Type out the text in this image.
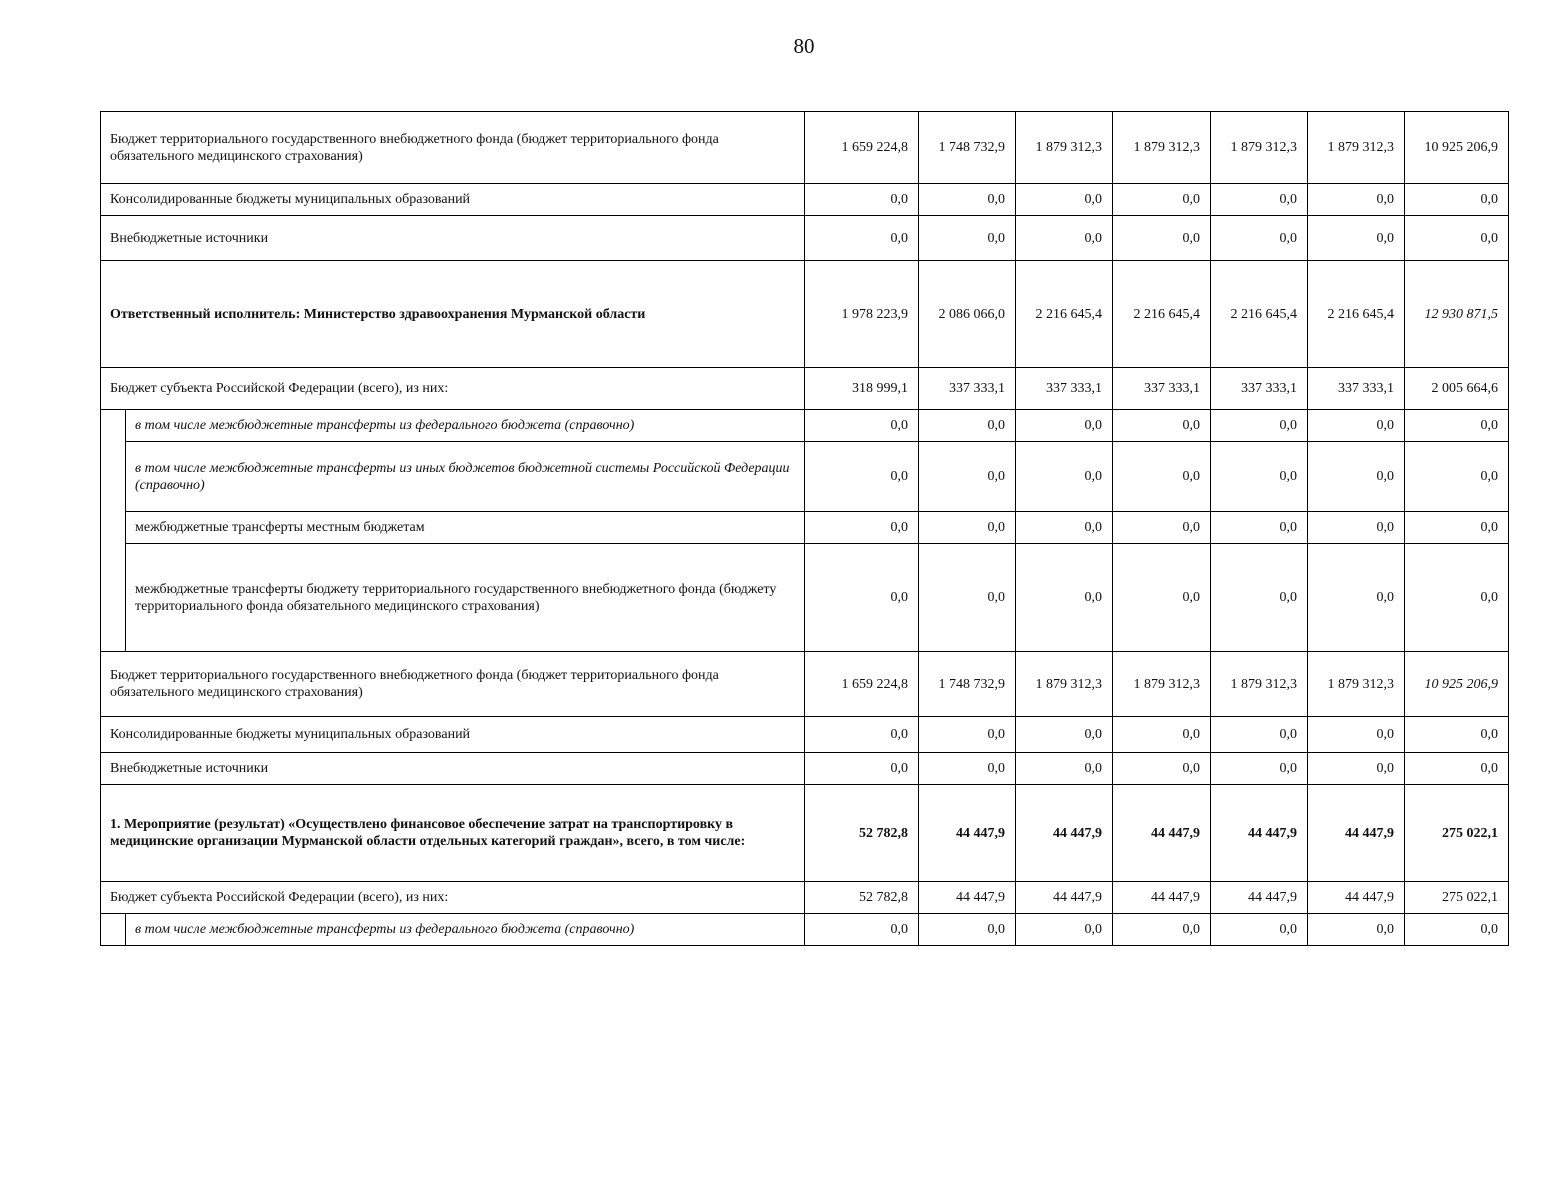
80
Бюджет территориального государственного внебюджетного фонда (бюджет территориального фонда обязательного медицинского страхования)		1 659 224,8	1 748 732,9	1 879 312,3	1 879 312,3	1 879 312,3	1 879 312,3	10 925 206,9
Консолидированные бюджеты муниципальных образований		0,0	0,0	0,0	0,0	0,0	0,0	0,0
Внебюджетные источники		0,0	0,0	0,0	0,0	0,0	0,0	0,0
Ответственный исполнитель: Министерство здравоохранения Мурманской области		1 978 223,9	2 086 066,0	2 216 645,4	2 216 645,4	2 216 645,4	2 216 645,4	12 930 871,5
Бюджет субъекта Российской Федерации (всего), из них:		318 999,1	337 333,1	337 333,1	337 333,1	337 333,1	337 333,1	2 005 664,6
	в том числе межбюджетные трансферты из федерального бюджета (справочно)	0,0	0,0	0,0	0,0	0,0	0,0	0,0
	в том числе межбюджетные трансферты из иных бюджетов бюджетной системы Российской Федерации (справочно)	0,0	0,0	0,0	0,0	0,0	0,0	0,0
	межбюджетные трансферты местным бюджетам	0,0	0,0	0,0	0,0	0,0	0,0	0,0
	межбюджетные трансферты бюджету территориального государственного внебюджетного фонда (бюджету территориального фонда обязательного медицинского страхования)	0,0	0,0	0,0	0,0	0,0	0,0	0,0
Бюджет территориального государственного внебюджетного фонда (бюджет территориального фонда обязательного медицинского страхования)		1 659 224,8	1 748 732,9	1 879 312,3	1 879 312,3	1 879 312,3	1 879 312,3	10 925 206,9
Консолидированные бюджеты муниципальных образований		0,0	0,0	0,0	0,0	0,0	0,0	0,0
Внебюджетные источники		0,0	0,0	0,0	0,0	0,0	0,0	0,0
1. Мероприятие (результат) «Осуществлено финансовое обеспечение затрат на транспортировку в медицинские организации Мурманской области отдельных категорий граждан», всего, в том числе:		52 782,8	44 447,9	44 447,9	44 447,9	44 447,9	44 447,9	275 022,1
Бюджет субъекта Российской Федерации (всего), из них:		52 782,8	44 447,9	44 447,9	44 447,9	44 447,9	44 447,9	275 022,1
	в том числе межбюджетные трансферты из федерального бюджета (справочно)	0,0	0,0	0,0	0,0	0,0	0,0	0,0
